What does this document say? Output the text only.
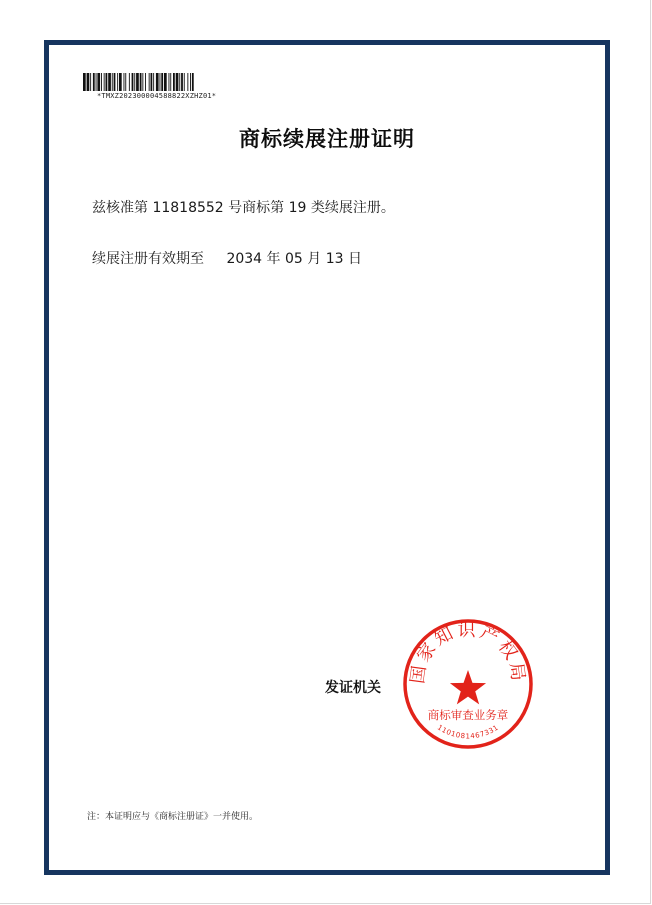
*TMXZ202300004588822XZHZ01*
商标续展注册证明
兹核准第 11818552 号商标第 19 类续展注册。
续展注册有效期至 2034 年 05 月 13 日
发证机关
国家知识产权局
商标审查业务章
1101081467331
注：本证明应与《商标注册证》一并使用。
